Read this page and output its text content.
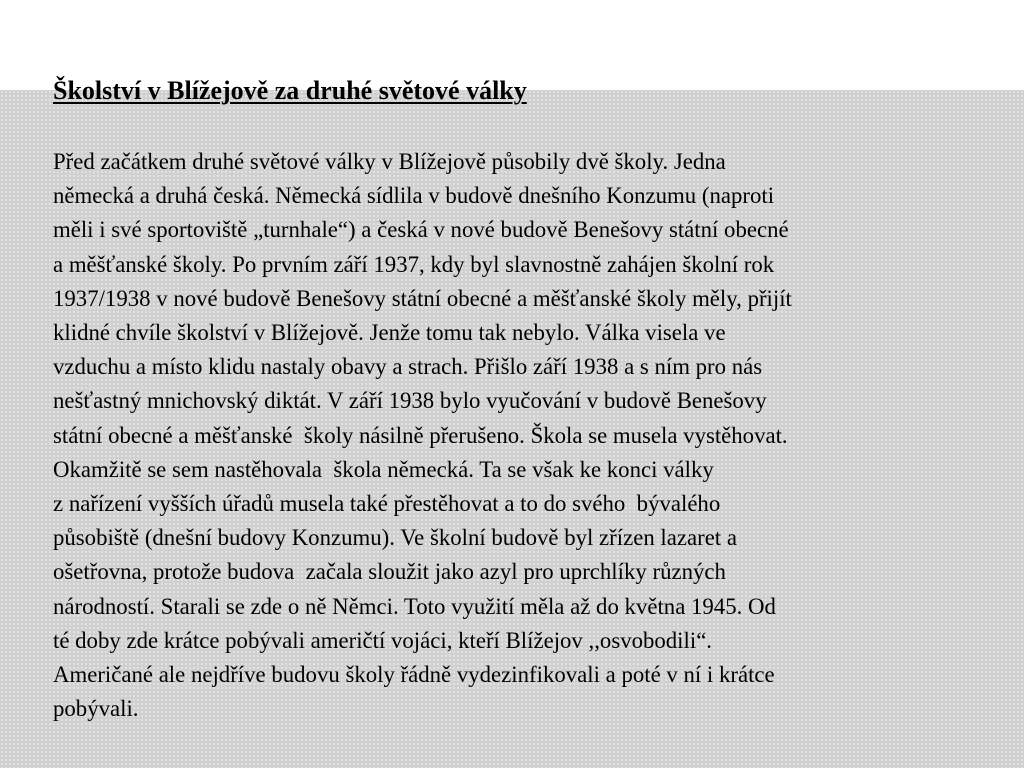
Školství v Blížejově za druhé světové války
Před začátkem druhé světové války v Blížejově působily dvě školy. Jedna
německá a druhá česká. Německá sídlila v budově dnešního Konzumu (naproti
měli i své sportoviště „turnhale“) a česká v nové budově Benešovy státní obecné
a měšťanské školy. Po prvním září 1937, kdy byl slavnostně zahájen školní rok
1937/1938 v nové budově Benešovy státní obecné a měšťanské školy měly, přijít
klidné chvíle školství v Blížejově. Jenže tomu tak nebylo. Válka visela ve
vzduchu a místo klidu nastaly obavy a strach. Přišlo září 1938 a s ním pro nás
nešťastný mnichovský diktát. V září 1938 bylo vyučování v budově Benešovy
státní obecné a měšťanské  školy násilně přerušeno. Škola se musela vystěhovat.
Okamžitě se sem nastěhovala  škola německá. Ta se však ke konci války
z nařízení vyšších úřadů musela také přestěhovat a to do svého  bývalého
působiště (dnešní budovy Konzumu). Ve školní budově byl zřízen lazaret a
ošetřovna, protože budova  začala sloužit jako azyl pro uprchlíky různých
národností. Starali se zde o ně Němci. Toto využití měla až do května 1945. Od
té doby zde krátce pobývali američtí vojáci, kteří Blížejov ,,osvobodili“.
Američané ale nejdříve budovu školy řádně vydezinfikovali a poté v ní i krátce
pobývali.
